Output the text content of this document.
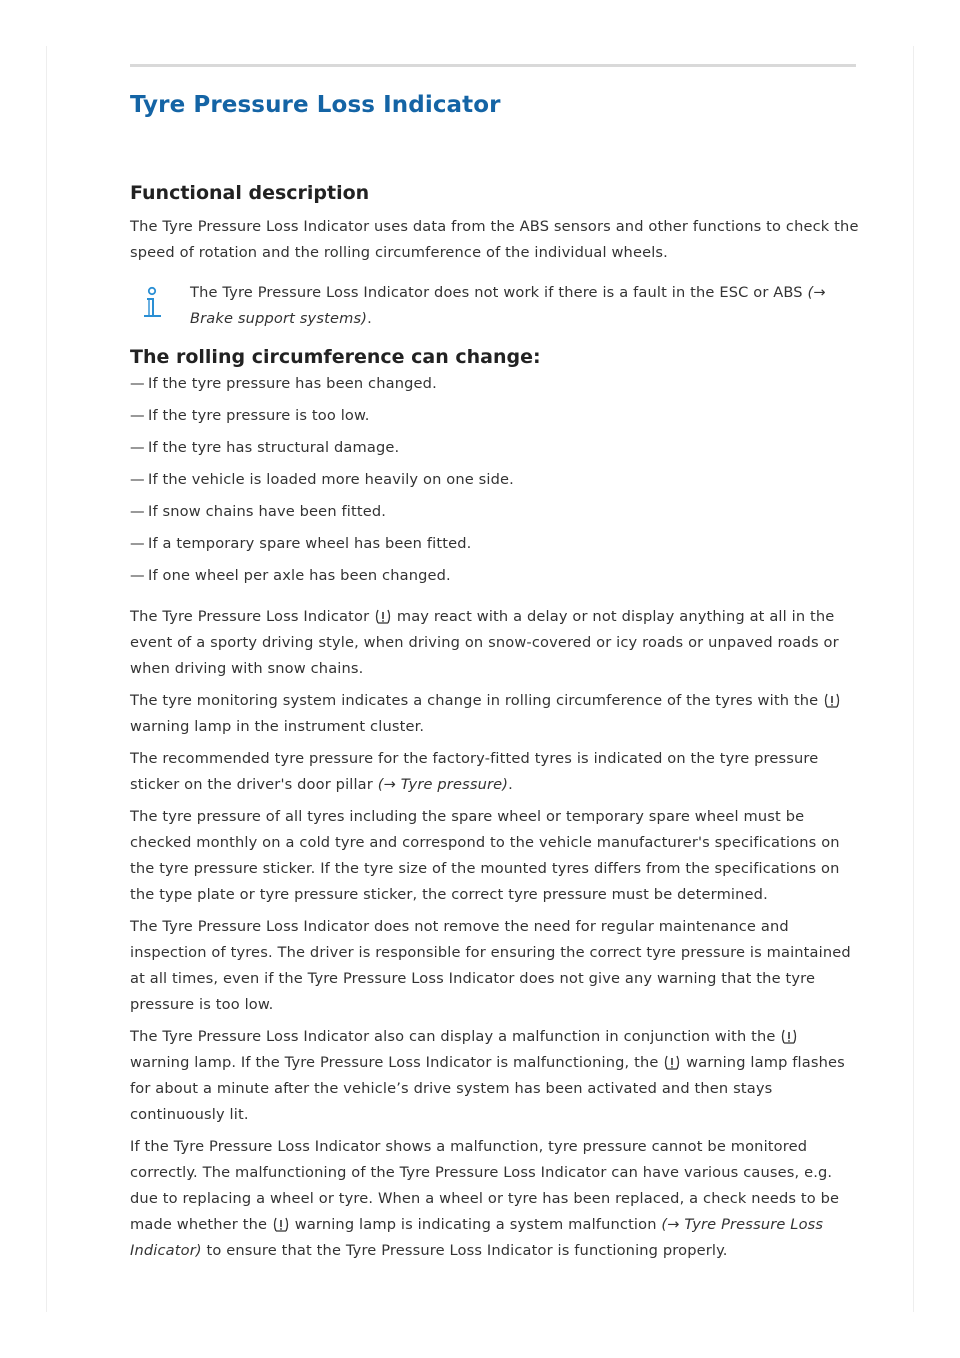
Tyre Pressure Loss Indicator
Functional description

The Tyre Pressure Loss Indicator uses data from the ABS sensors and other functions to check the speed of rotation and the rolling circumference of the individual wheels.

The Tyre Pressure Loss Indicator does not work if there is a fault in the ESC or ABS (→
Brake support systems).

The rolling circumference can change:
— If the tyre pressure has been changed.
— If the tyre pressure is too low.
— If the tyre has structural damage.
— If the vehicle is loaded more heavily on one side.
— If snow chains have been fitted.
— If a temporary spare wheel has been fitted.
— If one wheel per axle has been changed.

The Tyre Pressure Loss Indicator may react with a delay or not display anything at all in the event of a sporty driving style, when driving on snow-covered or icy roads or unpaved roads or when driving with snow chains.

The tyre monitoring system indicates a change in rolling circumference of the tyres with the  warning lamp in the instrument cluster.

The recommended tyre pressure for the factory-fitted tyres is indicated on the tyre pressure sticker on the driver's door pillar (→ Tyre pressure).

The tyre pressure of all tyres including the spare wheel or temporary spare wheel must be checked monthly on a cold tyre and correspond to the vehicle manufacturer's specifications on the tyre pressure sticker. If the tyre size of the mounted tyres differs from the specifications on the type plate or tyre pressure sticker, the correct tyre pressure must be determined.

The Tyre Pressure Loss Indicator does not remove the need for regular maintenance and inspection of tyres. The driver is responsible for ensuring the correct tyre pressure is maintained at all times, even if the Tyre Pressure Loss Indicator does not give any warning that the tyre pressure is too low.

The Tyre Pressure Loss Indicator also can display a malfunction in conjunction with the  warning lamp. If the Tyre Pressure Loss Indicator is malfunctioning, the warning lamp flashes for about a minute after the vehicle’s drive system has been activated and then stays continuously lit.

If the Tyre Pressure Loss Indicator shows a malfunction, tyre pressure cannot be monitored correctly. The malfunctioning of the Tyre Pressure Loss Indicator can have various causes, e.g. due to replacing a wheel or tyre. When a wheel or tyre has been replaced, a check needs to be made whether the warning lamp is indicating a system malfunction (→ Tyre Pressure Loss Indicator) to ensure that the Tyre Pressure Loss Indicator is functioning properly.
